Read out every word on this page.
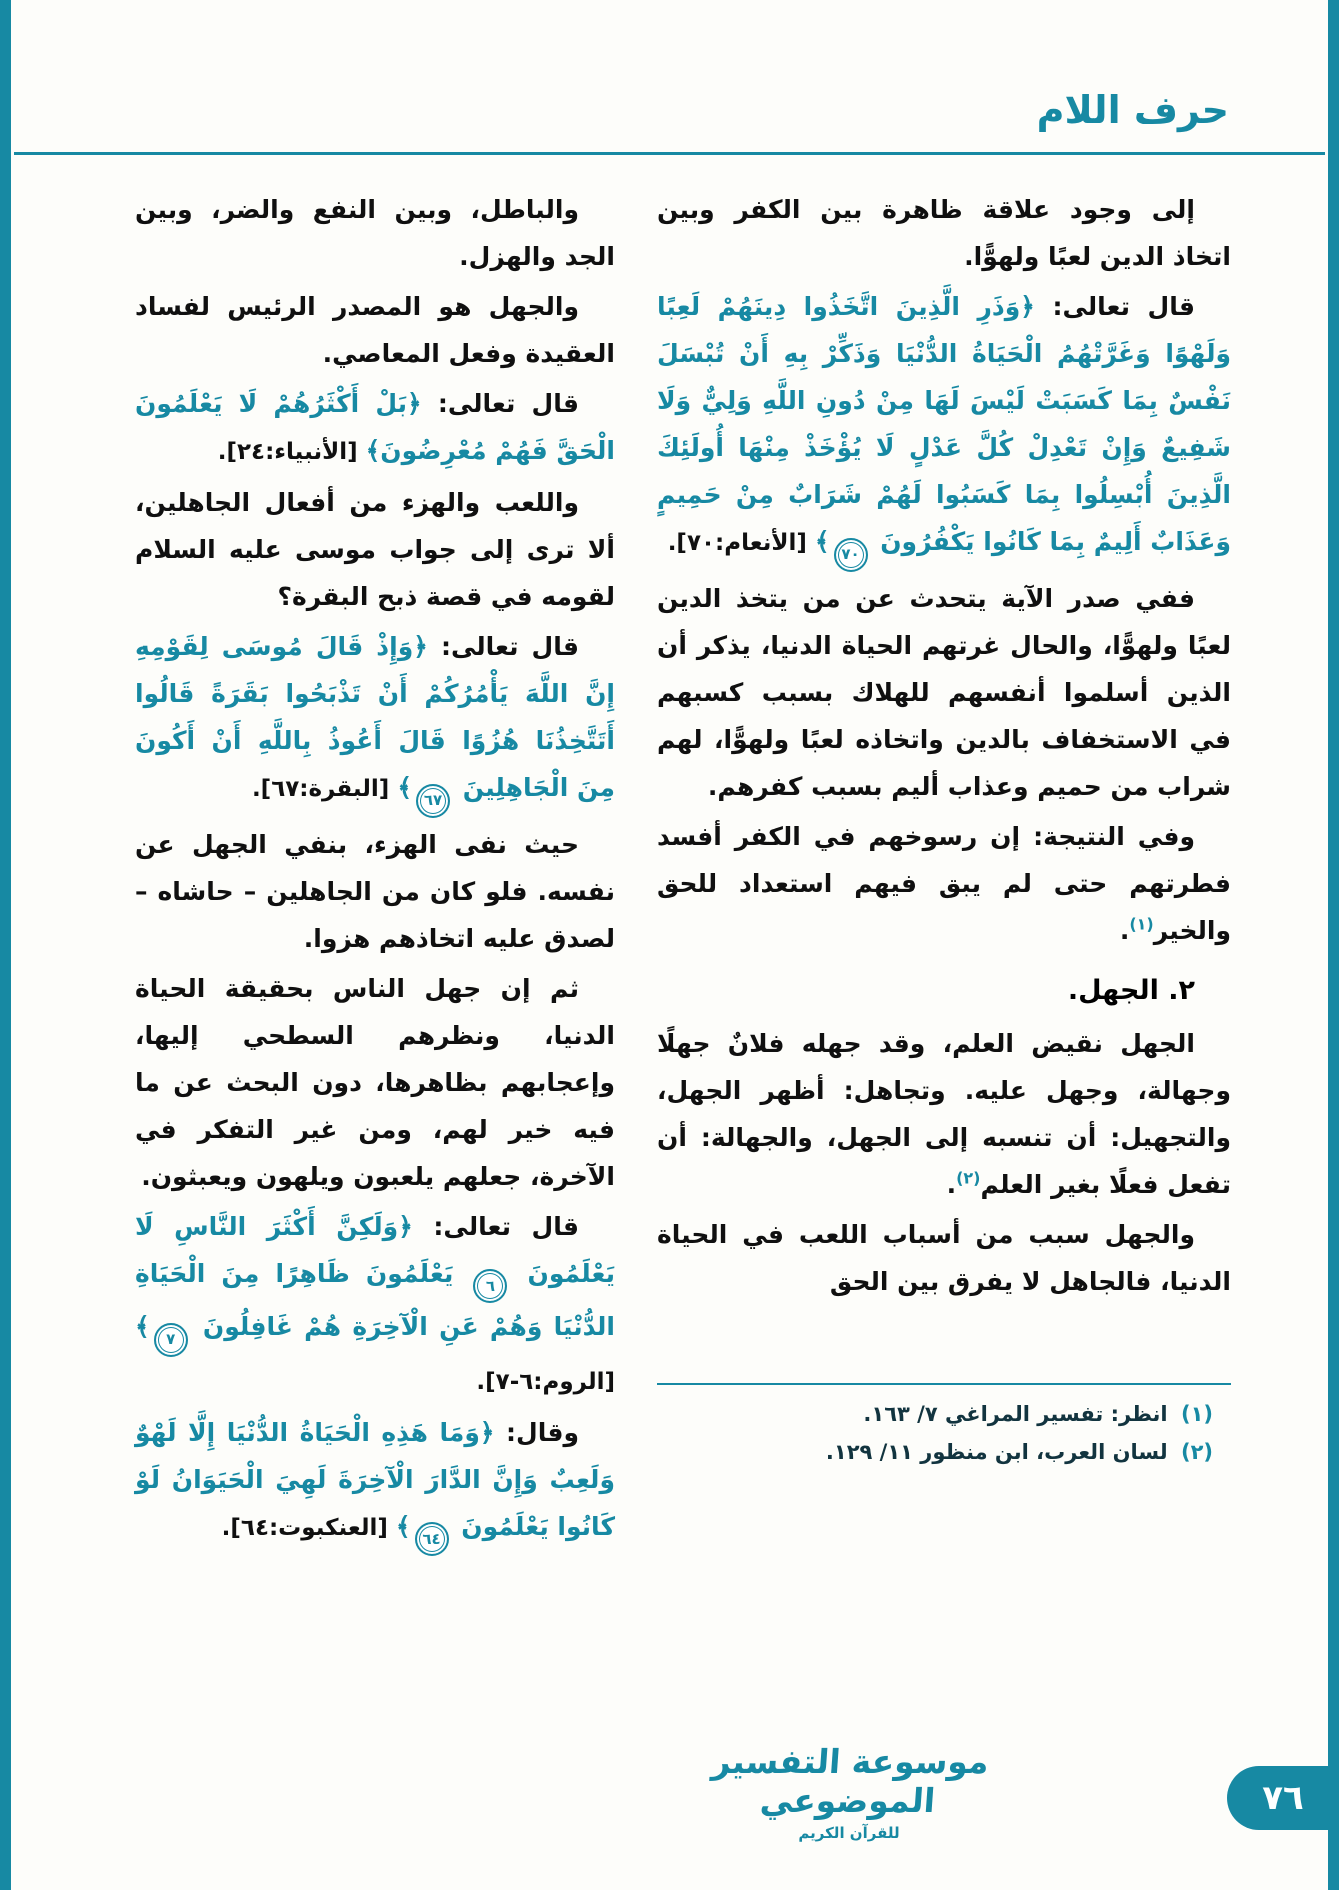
حرف اللام

إلى وجود علاقة ظاهرة بين الكفر وبين اتخاذ الدين لعبًا ولهوًّا.

قال تعالى: ﴿وَذَرِ الَّذِينَ اتَّخَذُوا دِينَهُمْ لَعِبًا وَلَهْوًا وَغَرَّتْهُمُ الْحَيَاةُ الدُّنْيَا وَذَكِّرْ بِهِ أَنْ تُبْسَلَ نَفْسٌ بِمَا كَسَبَتْ لَيْسَ لَهَا مِنْ دُونِ اللَّهِ وَلِيٌّ وَلَا شَفِيعٌ وَإِنْ تَعْدِلْ كُلَّ عَدْلٍ لَا يُؤْخَذْ مِنْهَا أُولَئِكَ الَّذِينَ أُبْسِلُوا بِمَا كَسَبُوا لَهُمْ شَرَابٌ مِنْ حَمِيمٍ وَعَذَابٌ أَلِيمٌ بِمَا كَانُوا يَكْفُرُونَ ٧٠﴾ [الأنعام:٧٠].

ففي صدر الآية يتحدث عن من يتخذ الدين لعبًا ولهوًّا، والحال غرتهم الحياة الدنيا، يذكر أن الذين أسلموا أنفسهم للهلاك بسبب كسبهم في الاستخفاف بالدين واتخاذه لعبًا ولهوًّا، لهم شراب من حميم وعذاب أليم بسبب كفرهم.

وفي النتيجة: إن رسوخهم في الكفر أفسد فطرتهم حتى لم يبق فيهم استعداد للحق والخير$^{(١)}$.

٢. الجهل.

الجهل نقيض العلم، وقد جهله فلانٌ جهلًا وجهالة، وجهل عليه. وتجاهل: أظهر الجهل، والتجهيل: أن تنسبه إلى الجهل، والجهالة: أن تفعل فعلًا بغير العلم$^{(٢)}$.

والجهل سبب من أسباب اللعب في الحياة الدنيا، فالجاهل لا يفرق بين الحق

(١) انظر: تفسير المراغي ٧/ ١٦٣.
(٢) لسان العرب، ابن منظور ١١/ ١٢٩.

والباطل، وبين النفع والضر، وبين الجد والهزل.

والجهل هو المصدر الرئيس لفساد العقيدة وفعل المعاصي.

قال تعالى: ﴿بَلْ أَكْثَرُهُمْ لَا يَعْلَمُونَ الْحَقَّ فَهُمْ مُعْرِضُونَ﴾ [الأنبياء:٢٤].

واللعب والهزء من أفعال الجاهلين، ألا ترى إلى جواب موسى عليه السلام لقومه في قصة ذبح البقرة؟

قال تعالى: ﴿وَإِذْ قَالَ مُوسَى لِقَوْمِهِ إِنَّ اللَّهَ يَأْمُرُكُمْ أَنْ تَذْبَحُوا بَقَرَةً قَالُوا أَتَتَّخِذُنَا هُزُوًا قَالَ أَعُوذُ بِاللَّهِ أَنْ أَكُونَ مِنَ الْجَاهِلِينَ ٦٧﴾ [البقرة:٦٧].

حيث نفى الهزء، بنفي الجهل عن نفسه. فلو كان من الجاهلين – حاشاه – لصدق عليه اتخاذهم هزوا.

ثم إن جهل الناس بحقيقة الحياة الدنيا، ونظرهم السطحي إليها، وإعجابهم بظاهرها، دون البحث عن ما فيه خير لهم، ومن غير التفكر في الآخرة، جعلهم يلعبون ويلهون ويعبثون.

قال تعالى: ﴿وَلَكِنَّ أَكْثَرَ النَّاسِ لَا يَعْلَمُونَ ٦ يَعْلَمُونَ ظَاهِرًا مِنَ الْحَيَاةِ الدُّنْيَا وَهُمْ عَنِ الْآخِرَةِ هُمْ غَافِلُونَ ٧﴾ [الروم:٦-٧].

وقال: ﴿وَمَا هَذِهِ الْحَيَاةُ الدُّنْيَا إِلَّا لَهْوٌ وَلَعِبٌ وَإِنَّ الدَّارَ الْآخِرَةَ لَهِيَ الْحَيَوَانُ لَوْ كَانُوا يَعْلَمُونَ ٦٤﴾ [العنكبوت:٦٤].

موسوعة التفسير الموضوعي
للقرآن الكريم
٧٦
